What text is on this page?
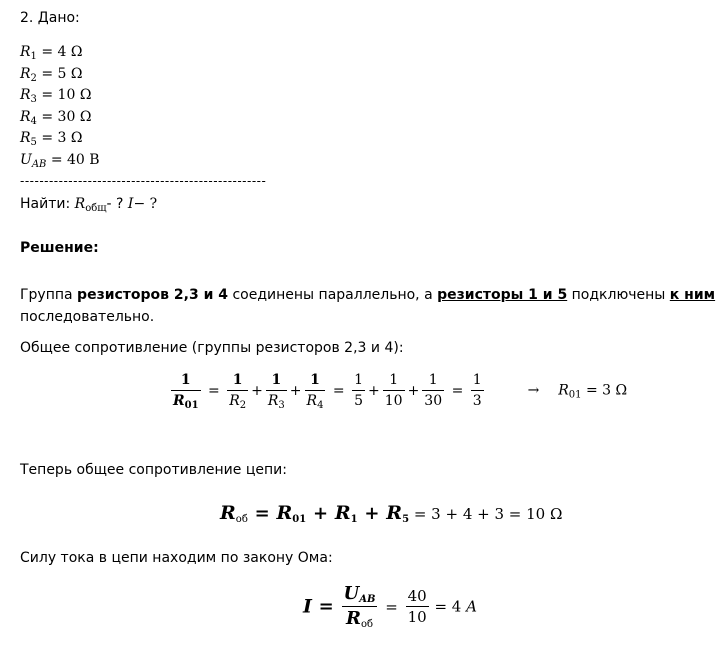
2. Дано:
$R_1 = 4$ Ω
$R_2 = 5$ Ω
$R_3 = 10$ Ω
$R_4 = 30$ Ω
$R_5 = 3$ Ω
$U_{AB} = 40$ В
---------------------------------------------------
Найти: $R_{общ}-$ ? I− ?
Решение:
Группа резисторов 2,3 и 4 соединены параллельно, а резисторы 1 и 5 подключены к ним
последовательно.
Общее сопротивление (группы резисторов 2,3 и 4):
$\frac{1}{R_{01}} = \frac{1}{R_2} + \frac{1}{R_3} + \frac{1}{R_4} = \frac{1}{5} + \frac{1}{10} + \frac{1}{30} = \frac{1}{3}$	→ $R_{01} = 3$ Ω
Теперь общее сопротивление цепи:
$R_{об} = R_{01} + R_1 + R_5 = 3 + 4 + 3 = 10$ Ω
Силу тока в цепи находим по закону Ома:
$I = \frac{U_{AB}}{R_{об}} = \frac{40}{10} = 4$ A
